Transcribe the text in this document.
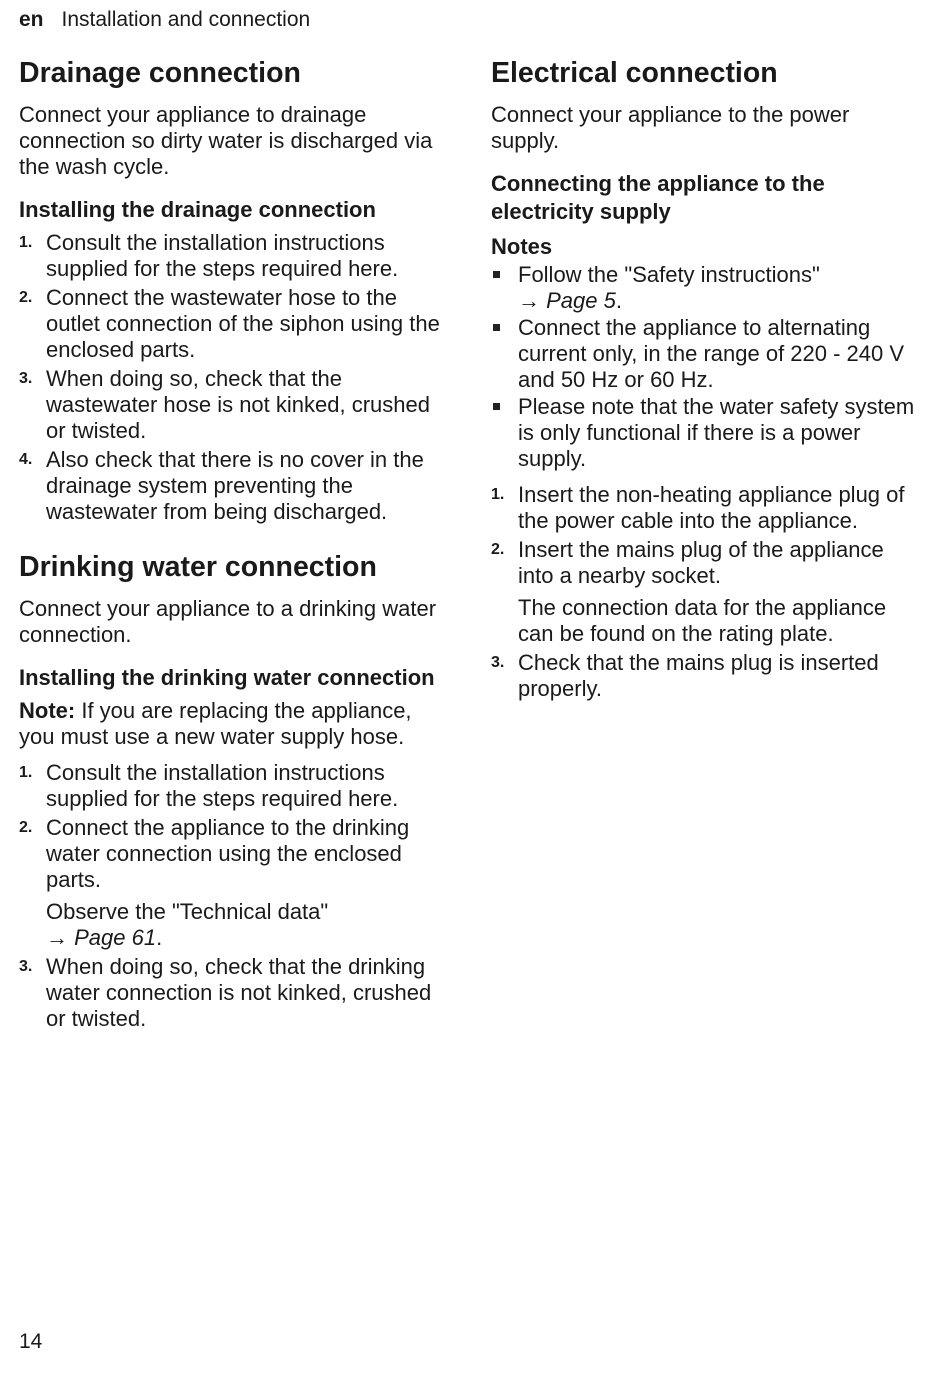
en Installation and connection
Drainage connection

Connect your appliance to drainage connection so dirty water is discharged via the wash cycle.

Installing the drainage connection
1. Consult the installation instructions supplied for the steps required here.
2. Connect the wastewater hose to the outlet connection of the siphon using the enclosed parts.
3. When doing so, check that the wastewater hose is not kinked, crushed or twisted.
4. Also check that there is no cover in the drainage system preventing the wastewater from being discharged.
Drinking water connection

Connect your appliance to a drinking water connection.

Installing the drinking water connection
Note: If you are replacing the appliance, you must use a new water supply hose.
1. Consult the installation instructions supplied for the steps required here.
2. Connect the appliance to the drinking water connection using the enclosed parts.
Observe the "Technical data"
→ Page 61.
3. When doing so, check that the drinking water connection is not kinked, crushed or twisted.
Electrical connection

Connect your appliance to the power supply.

Connecting the appliance to the electricity supply
Notes
Follow the "Safety instructions"
→ Page 5.
Connect the appliance to alternating current only, in the range of 220 - 240 V and 50 Hz or 60 Hz.
Please note that the water safety system is only functional if there is a power supply.
1. Insert the non-heating appliance plug of the power cable into the appliance.
2. Insert the mains plug of the appliance into a nearby socket.
The connection data for the appliance can be found on the rating plate.
3. Check that the mains plug is inserted properly.
14
